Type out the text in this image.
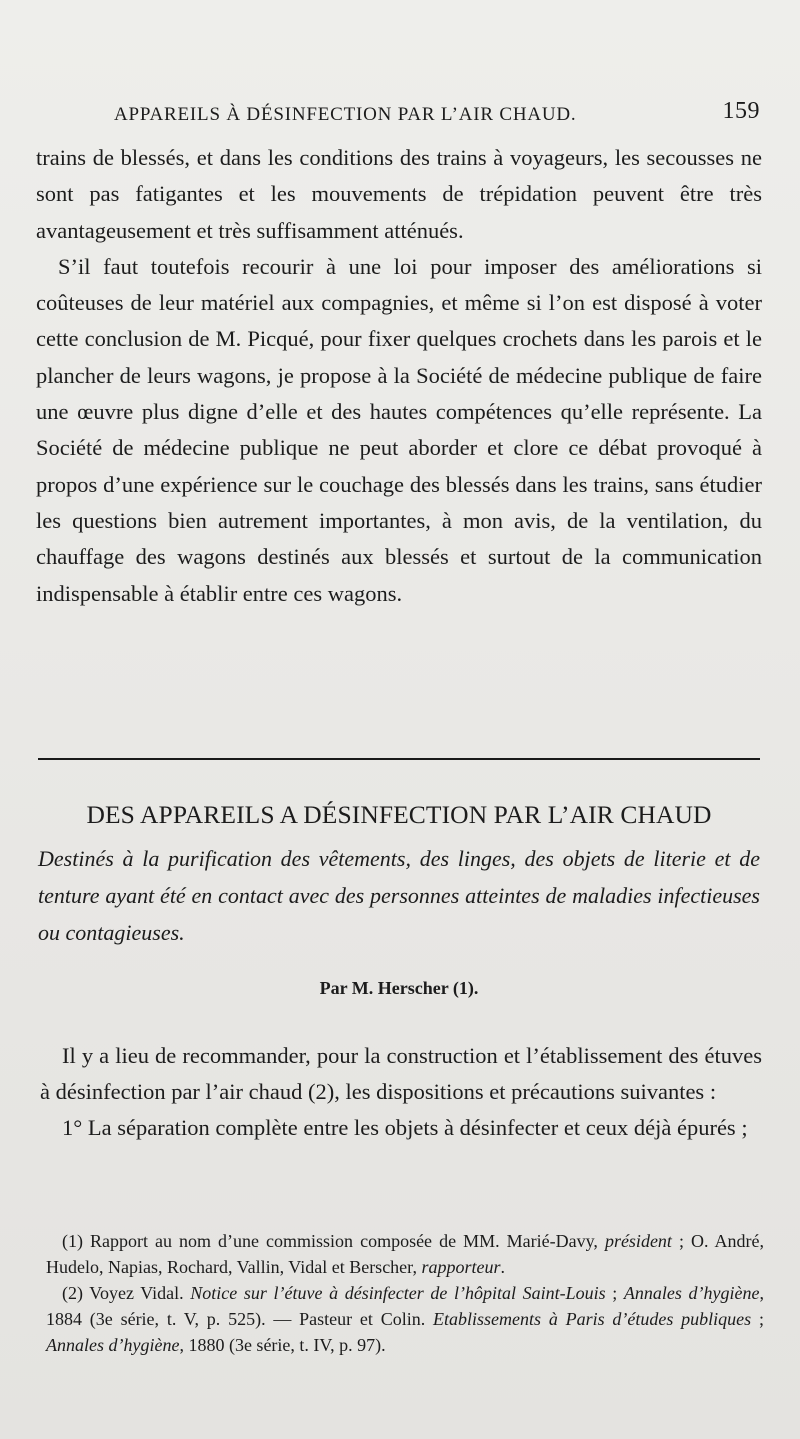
APPAREILS À DÉSINFECTION PAR L’AIR CHAUD.	159

trains de blessés, et dans les conditions des trains à voyageurs, les secousses ne sont pas fatigantes et les mouvements de trépidation peuvent être très avantageusement et très suffisamment atténués.

S’il faut toutefois recourir à une loi pour imposer des améliorations si coûteuses de leur matériel aux compagnies, et même si l’on est disposé à voter cette conclusion de M. Picqué, pour fixer quelques crochets dans les parois et le plancher de leurs wagons, je propose à la Société de médecine publique de faire une œuvre plus digne d’elle et des hautes compétences qu’elle représente. La Société de médecine publique ne peut aborder et clore ce débat provoqué à propos d’une expérience sur le couchage des blessés dans les trains, sans étudier les questions bien autrement importantes, à mon avis, de la ventilation, du chauffage des wagons destinés aux blessés et surtout de la communication indispensable à établir entre ces wagons.

DES APPAREILS A DÉSINFECTION PAR L’AIR CHAUD

Destinés à la purification des vêtements, des linges, des objets de literie et de tenture ayant été en contact avec des personnes atteintes de maladies infectieuses ou contagieuses.

Par M. Herscher (1).

Il y a lieu de recommander, pour la construction et l’établissement des étuves à désinfection par l’air chaud (2), les dispositions et précautions suivantes :

1° La séparation complète entre les objets à désinfecter et ceux déjà épurés ;

(1) Rapport au nom d’une commission composée de MM. Marié-Davy, président ; O. André, Hudelo, Napias, Rochard, Vallin, Vidal et Berscher, rapporteur.

(2) Voyez Vidal. Notice sur l’étuve à désinfecter de l’hôpital Saint-Louis ; Annales d’hygiène, 1884 (3e série, t. V, p. 525). — Pasteur et Colin. Etablissements à Paris d’études publiques ; Annales d’hygiène, 1880 (3e série, t. IV, p. 97).
